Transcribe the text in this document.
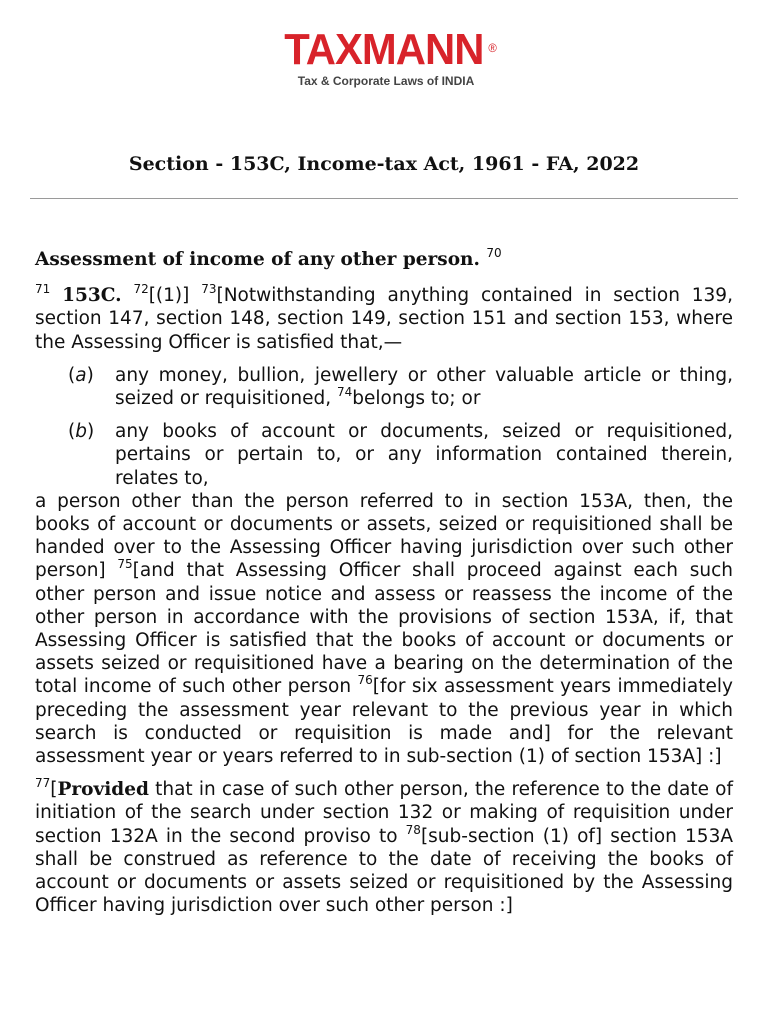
TAXMANN ®
Tax & Corporate Laws of INDIA
Section - 153C, Income-tax Act, 1961 - FA, 2022
Assessment of income of any other person. $^{70}$

$^{71}$ 153C. $^{72}$[(1)] $^{73}$[Notwithstanding anything contained in section 139, section 147, section 148, section 149, section 151 and section 153, where the Assessing Officer is satisfied that,—

(a)	any money, bullion, jewellery or other valuable article or thing, seized or requisitioned, $^{74}$belongs to; or
(b)	any books of account or documents, seized or requisitioned, pertains or pertain to, or any information contained therein, relates to,

a person other than the person referred to in section 153A, then, the books of account or documents or assets, seized or requisitioned shall be handed over to the Assessing Officer having jurisdiction over such other person] $^{75}$[and that Assessing Officer shall proceed against each such other person and issue notice and assess or reassess the income of the other person in accordance with the provisions of section 153A, if, that Assessing Officer is satisfied that the books of account or documents or assets seized or requisitioned have a bearing on the determination of the total income of such other person $^{76}$[for six assessment years immediately preceding the assessment year relevant to the previous year in which search is conducted or requisition is made and] for the relevant assessment year or years referred to in sub-section (1) of section 153A] :]

$^{77}$[Provided that in case of such other person, the reference to the date of initiation of the search under section 132 or making of requisition under section 132A in the second proviso to $^{78}$[sub-section (1) of] section 153A shall be construed as reference to the date of receiving the books of account or documents or assets seized or requisitioned by the Assessing Officer having jurisdiction over such other person :]
